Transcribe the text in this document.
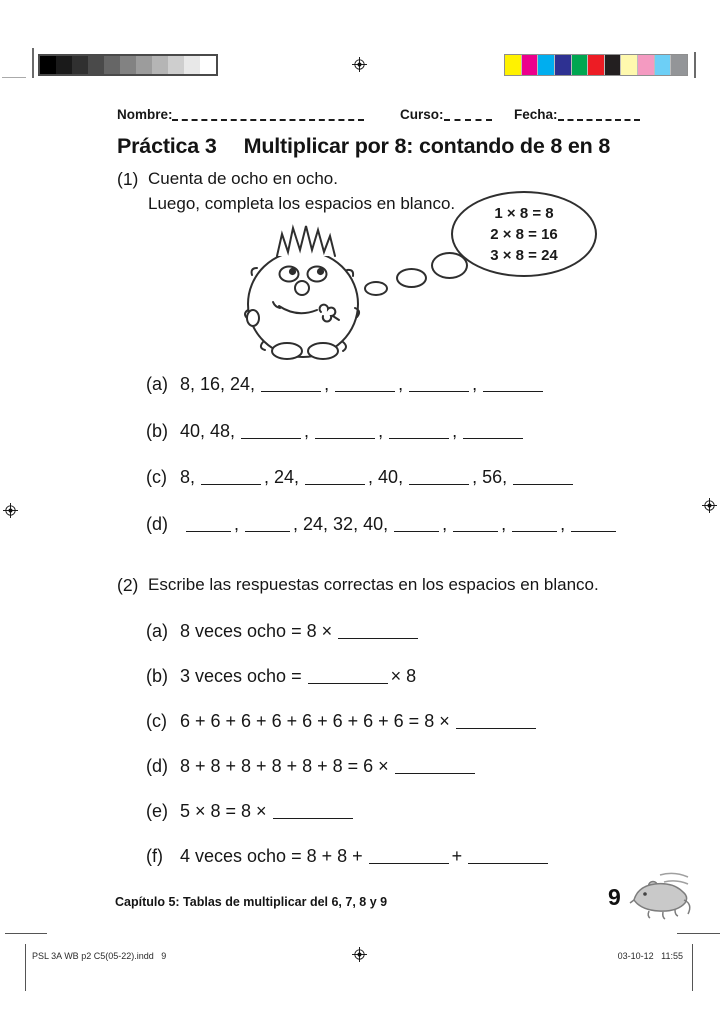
Nombre:	Curso:	Fecha:
Práctica 3 Multiplicar por 8: contando de 8 en 8
(1) Cuenta de ocho en ocho.
Luego, completa los espacios en blanco.	1 × 8 = 8
2 × 8 = 16
3 × 8 = 24
(a) 8, 16, 24,	,	,	,
(b) 40, 48,	,	,	,
(c) 8,	, 24,	, 40,	, 56,
(d)	,	, 24, 32, 40,	,	,	,
(2) Escribe las respuestas correctas en los espacios en blanco.
(a) 8 veces ocho = 8 ×
(b) 3 veces ocho =	× 8
(c) 6 + 6 + 6 + 6 + 6 + 6 + 6 + 6 = 8 ×
(d) 8 + 8 + 8 + 8 + 8 + 8 = 6 ×
(e) 5 × 8 = 8 ×
(f) 4 veces ocho = 8 + 8 +	+
Capítulo 5: Tablas de multiplicar del 6, 7, 8 y 9	9
PSL 3A WB p2 C5(05-22).indd   9	03-10-12   11:55
